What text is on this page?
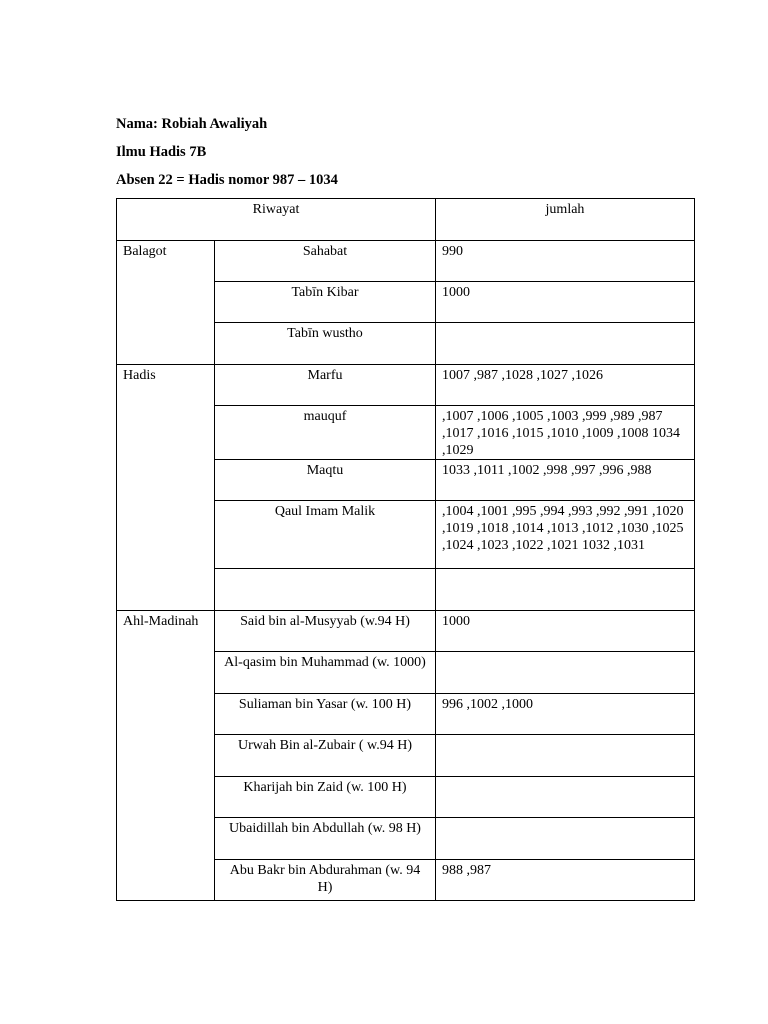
Nama: Robiah Awaliyah
Ilmu Hadis 7B
Absen 22 = Hadis nomor 987 – 1034
Riwayat		jumlah

Balagot	Sahabat	990

	Tabīn Kibar	1000

	Tabīn wustho	

Hadis	Marfu	1007 ,987 ,1028 ,1027 ,1026

	mauquf	,1007 ,1006 ,1005 ,1003 ,999 ,989 ,987 ,1017 ,1016 ,1015 ,1010 ,1009 ,1008 1034 ,1029

	Maqtu	1033 ,1011 ,1002 ,998 ,997 ,996 ,988

	Qaul Imam Malik	,1004 ,1001 ,995 ,994 ,993 ,992 ,991 ,1020 ,1019 ,1018 ,1014 ,1013 ,1012 ,1030 ,1025 ,1024 ,1023 ,1022 ,1021 1032 ,1031

Ahl-Madinah	Said bin al-Musyyab (w.94 H)	1000

	Al-qasim bin Muhammad (w. 1000)	

	Suliaman bin Yasar (w. 100 H)	996 ,1002 ,1000

	Urwah Bin al-Zubair ( w.94 H)	

	Kharijah bin Zaid (w. 100 H)	

	Ubaidillah bin Abdullah (w. 98 H)	

	Abu Bakr bin Abdurahman (w. 94 H)	988 ,987
